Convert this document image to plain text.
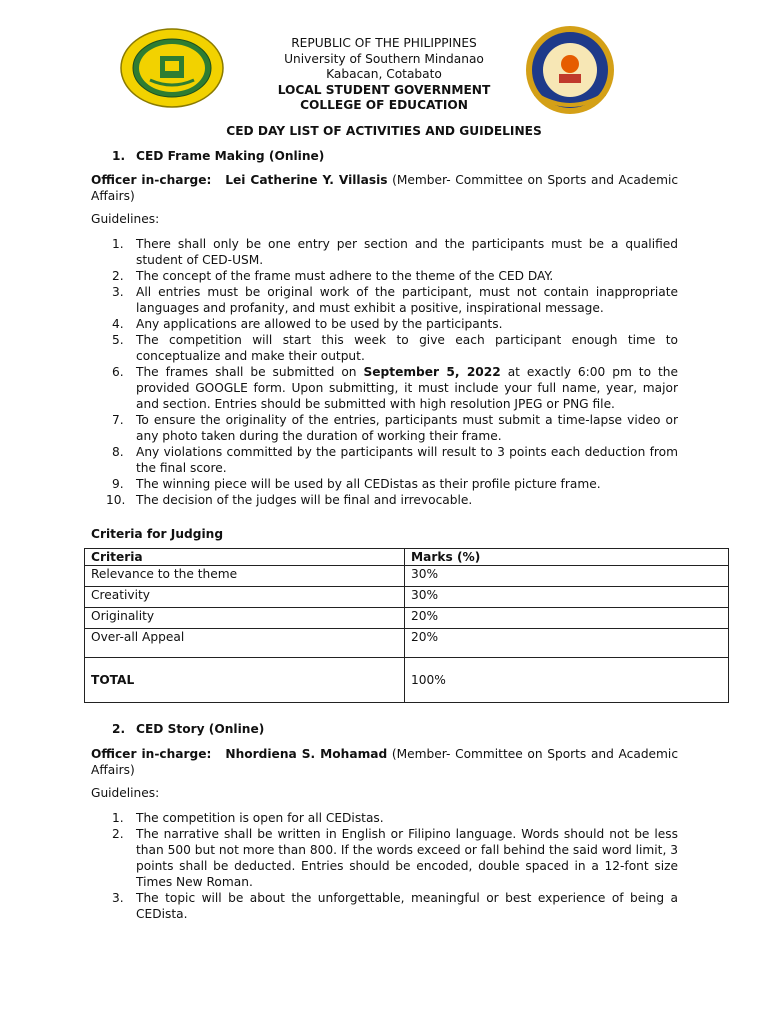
REPUBLIC OF THE PHILIPPINES
University of Southern Mindanao
Kabacan, Cotabato
LOCAL STUDENT GOVERNMENT
COLLEGE OF EDUCATION
CED DAY LIST OF ACTIVITIES AND GUIDELINES
1. CED Frame Making (Online)
Officer in-charge: Lei Catherine Y. Villasis (Member- Committee on Sports and Academic Affairs)
Guidelines:
1. There shall only be one entry per section and the participants must be a qualified student of CED-USM.
2. The concept of the frame must adhere to the theme of the CED DAY.
3. All entries must be original work of the participant, must not contain inappropriate languages and profanity, and must exhibit a positive, inspirational message.
4. Any applications are allowed to be used by the participants.
5. The competition will start this week to give each participant enough time to conceptualize and make their output.
6. The frames shall be submitted on September 5, 2022 at exactly 6:00 pm to the provided GOOGLE form. Upon submitting, it must include your full name, year, major and section. Entries should be submitted with high resolution JPEG or PNG file.
7. To ensure the originality of the entries, participants must submit a time-lapse video or any photo taken during the duration of working their frame.
8. Any violations committed by the participants will result to 3 points each deduction from the final score.
9. The winning piece will be used by all CEDistas as their profile picture frame.
10. The decision of the judges will be final and irrevocable.
Criteria for Judging
Criteria	Marks (%)
Relevance to the theme	30%
Creativity	30%
Originality	20%
Over-all Appeal	20%
TOTAL	100%
2. CED Story (Online)
Officer in-charge: Nhordiena S. Mohamad (Member- Committee on Sports and Academic Affairs)
Guidelines:
1. The competition is open for all CEDistas.
2. The narrative shall be written in English or Filipino language. Words should not be less than 500 but not more than 800. If the words exceed or fall behind the said word limit, 3 points shall be deducted. Entries should be encoded, double spaced in a 12-font size Times New Roman.
3. The topic will be about the unforgettable, meaningful or best experience of being a CEDista.
